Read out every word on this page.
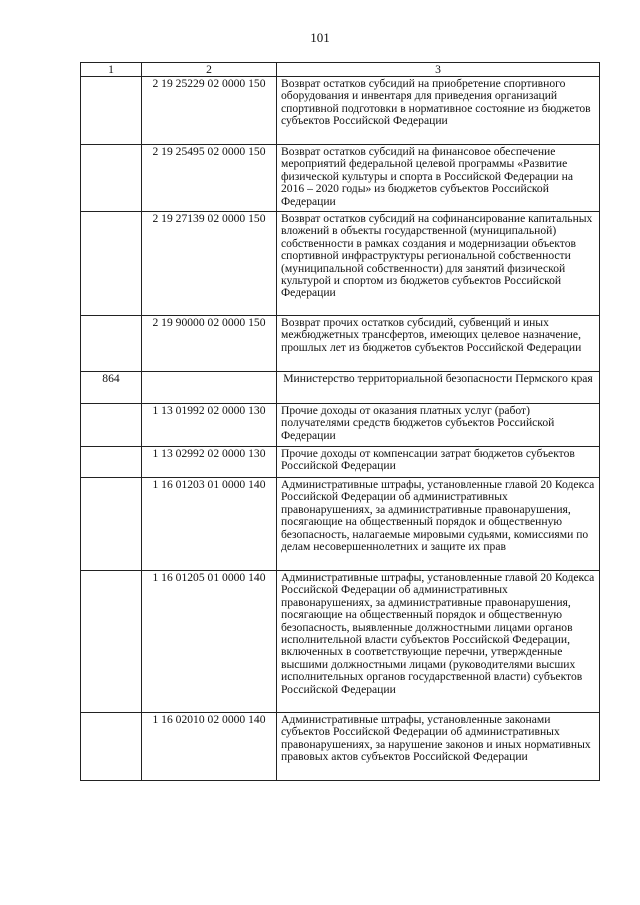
101
1	2	3
	2 19 25229 02 0000 150	Возврат остатков субсидий на приобретение спортивного оборудования и инвентаря для приведения организаций спортивной подготовки в нормативное состояние из бюджетов субъектов Российской Федерации
	2 19 25495 02 0000 150	Возврат остатков субсидий на финансовое обеспечение мероприятий федеральной целевой программы «Развитие физической культуры и спорта в Российской Федерации на 2016 – 2020 годы» из бюджетов субъектов Российской Федерации
	2 19 27139 02 0000 150	Возврат остатков субсидий на софинансирование капитальных вложений в объекты государственной (муниципальной) собственности в рамках создания и модернизации объектов спортивной инфраструктуры региональной собственности (муниципальной собственности) для занятий физической культурой и спортом из бюджетов субъектов Российской Федерации
	2 19 90000 02 0000 150	Возврат прочих остатков субсидий, субвенций и иных межбюджетных трансфертов, имеющих целевое назначение, прошлых лет из бюджетов субъектов Российской Федерации
864		Министерство территориальной безопасности Пермского края
	1 13 01992 02 0000 130	Прочие доходы от оказания платных услуг (работ) получателями средств бюджетов субъектов Российской Федерации
	1 13 02992 02 0000 130	Прочие доходы от компенсации затрат бюджетов субъектов Российской Федерации
	1 16 01203 01 0000 140	Административные штрафы, установленные главой 20 Кодекса Российской Федерации об административных правонарушениях, за административные правонарушения, посягающие на общественный порядок и общественную безопасность, налагаемые мировыми судьями, комиссиями по делам несовершеннолетних и защите их прав
	1 16 01205 01 0000 140	Административные штрафы, установленные главой 20 Кодекса Российской Федерации об административных правонарушениях, за административные правонарушения, посягающие на общественный порядок и общественную безопасность, выявленные должностными лицами органов исполнительной власти субъектов Российской Федерации, включенных в соответствующие перечни, утвержденные высшими должностными лицами (руководителями высших исполнительных органов государственной власти) субъектов Российской Федерации
	1 16 02010 02 0000 140	Административные штрафы, установленные законами субъектов Российской Федерации об административных правонарушениях, за нарушение законов и иных нормативных правовых актов субъектов Российской Федерации
